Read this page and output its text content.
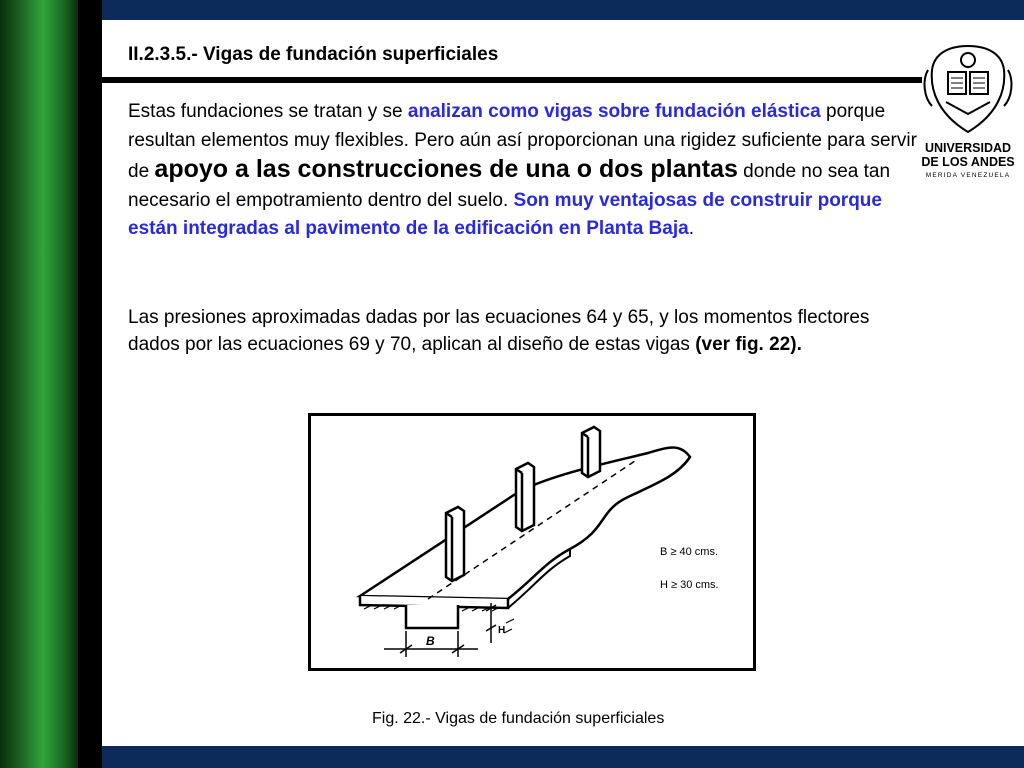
II.2.3.5.- Vigas de fundación superficiales
UNIVERSIDAD
DE LOS ANDES
MERIDA VENEZUELA

Estas fundaciones se tratan y se analizan como vigas sobre fundación elástica porque resultan elementos muy flexibles. Pero aún así proporcionan una rigidez suficiente para servir de apoyo a las construcciones de una o dos plantas donde no sea tan necesario el empotramiento dentro del suelo. Son muy ventajosas de construir porque están integradas al pavimento de la edificación en Planta Baja.

Las presiones aproximadas dadas por las ecuaciones 64 y 65, y los momentos flectores dados por las ecuaciones 69 y 70, aplican al diseño de estas vigas (ver fig. 22).

B
H
B ≥ 40 cms.
H ≥ 30 cms.

Fig. 22.- Vigas de fundación superficiales
